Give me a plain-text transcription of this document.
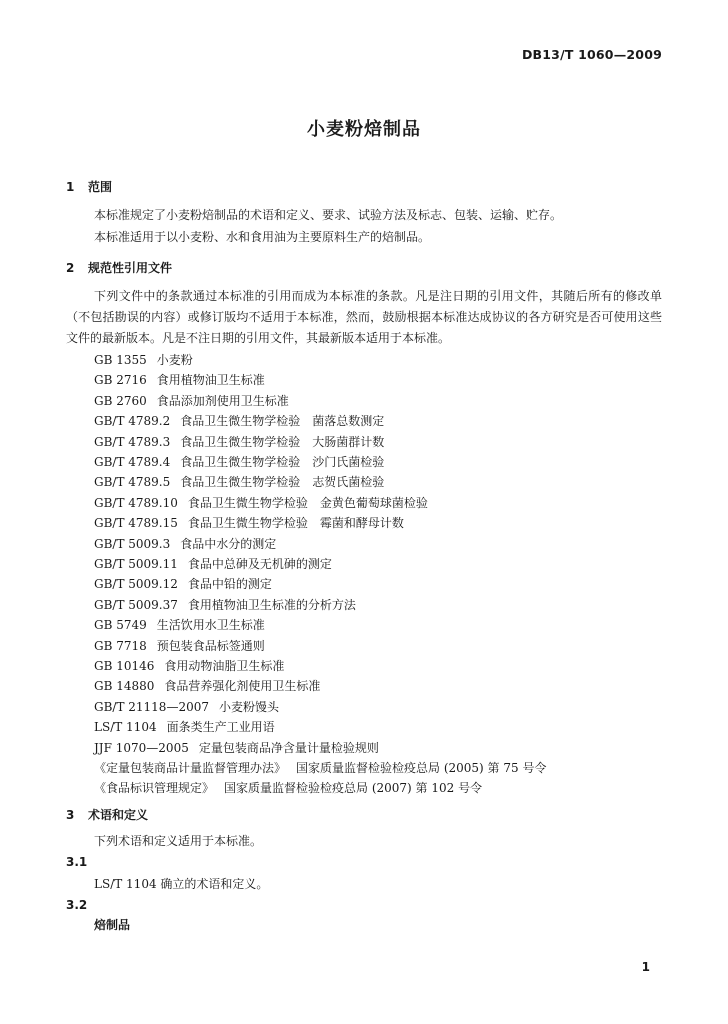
DB13/T 1060—2009
小麦粉焙制品
1 范围
本标准规定了小麦粉焙制品的术语和定义、要求、试验方法及标志、包装、运输、贮存。
本标准适用于以小麦粉、水和食用油为主要原料生产的焙制品。
2 规范性引用文件
下列文件中的条款通过本标准的引用而成为本标准的条款。凡是注日期的引用文件，其随后所有的修改单（不包括勘误的内容）或修订版均不适用于本标准，然而，鼓励根据本标准达成协议的各方研究是否可使用这些文件的最新版本。凡是不注日期的引用文件，其最新版本适用于本标准。
GB 1355 小麦粉
GB 2716 食用植物油卫生标准
GB 2760 食品添加剂使用卫生标准
GB/T 4789.2 食品卫生微生物学检验　菌落总数测定
GB/T 4789.3 食品卫生微生物学检验　大肠菌群计数
GB/T 4789.4 食品卫生微生物学检验　沙门氏菌检验
GB/T 4789.5 食品卫生微生物学检验　志贺氏菌检验
GB/T 4789.10 食品卫生微生物学检验　金黄色葡萄球菌检验
GB/T 4789.15 食品卫生微生物学检验　霉菌和酵母计数
GB/T 5009.3 食品中水分的测定
GB/T 5009.11 食品中总砷及无机砷的测定
GB/T 5009.12 食品中铅的测定
GB/T 5009.37 食用植物油卫生标准的分析方法
GB 5749 生活饮用水卫生标准
GB 7718 预包装食品标签通则
GB 10146 食用动物油脂卫生标准
GB 14880 食品营养强化剂使用卫生标准
GB/T 21118—2007 小麦粉馒头
LS/T 1104 面条类生产工业用语
JJF 1070—2005 定量包装商品净含量计量检验规则
《定量包装商品计量监督管理办法》 国家质量监督检验检疫总局 (2005) 第 75 号令
《食品标识管理规定》 国家质量监督检验检疫总局 (2007) 第 102 号令
3 术语和定义
下列术语和定义适用于本标准。
3.1
LS/T 1104 确立的术语和定义。
3.2
焙制品
1
